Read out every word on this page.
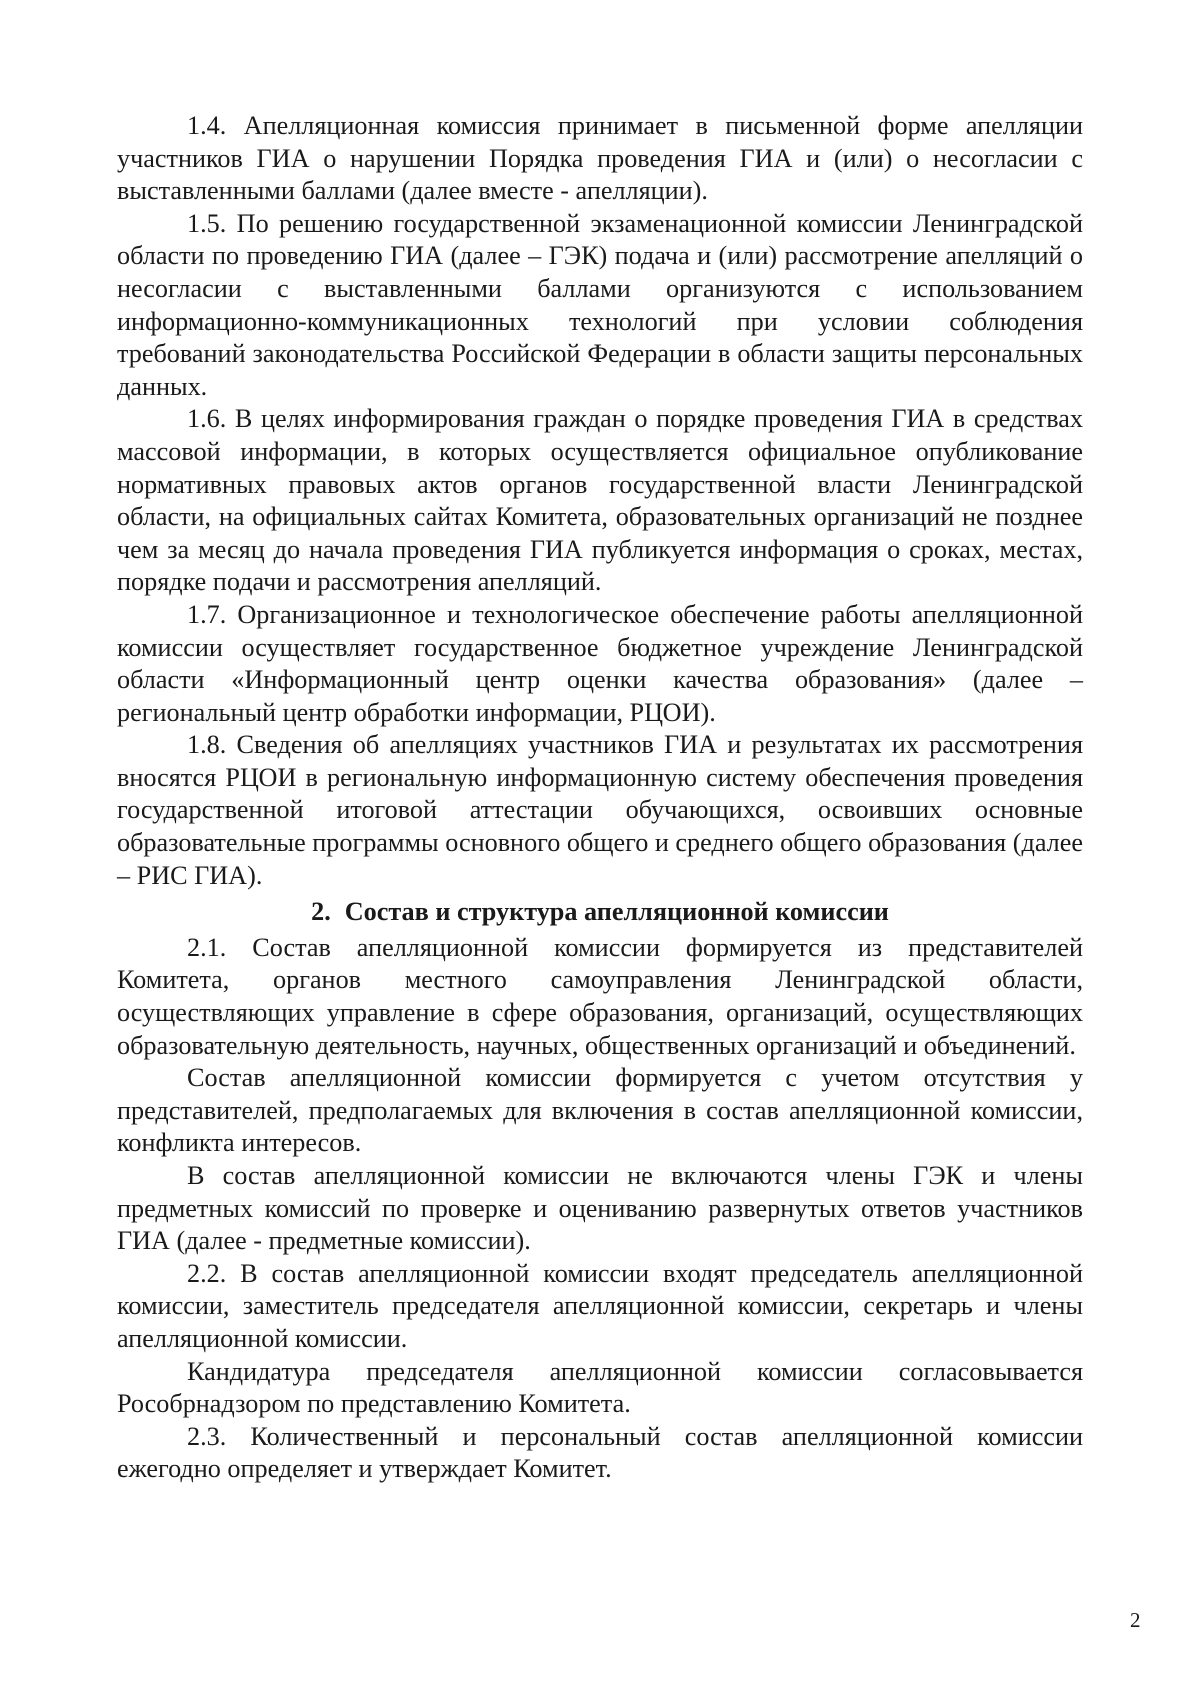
1.4. Апелляционная комиссия принимает в письменной форме апелляции участников ГИА о нарушении Порядка проведения ГИА и (или) о несогласии с выставленными баллами (далее вместе - апелляции).

1.5. По решению государственной экзаменационной комиссии Ленинградской области по проведению ГИА (далее – ГЭК) подача и (или) рассмотрение апелляций о несогласии с выставленными баллами организуются с использованием информационно-коммуникационных технологий при условии соблюдения требований законодательства Российской Федерации в области защиты персональных данных.

1.6. В целях информирования граждан о порядке проведения ГИА в средствах массовой информации, в которых осуществляется официальное опубликование нормативных правовых актов органов государственной власти Ленинградской области, на официальных сайтах Комитета, образовательных организаций не позднее чем за месяц до начала проведения ГИА публикуется информация о сроках, местах, порядке подачи и рассмотрения апелляций.

1.7. Организационное и технологическое обеспечение работы апелляционной комиссии осуществляет государственное бюджетное учреждение Ленинградской области «Информационный центр оценки качества образования» (далее – региональный центр обработки информации, РЦОИ).

1.8. Сведения об апелляциях участников ГИА и результатах их рассмотрения вносятся РЦОИ в региональную информационную систему обеспечения проведения государственной итоговой аттестации обучающихся, освоивших основные образовательные программы основного общего и среднего общего образования (далее – РИС ГИА).

2. Состав и структура апелляционной комиссии

2.1. Состав апелляционной комиссии формируется из представителей Комитета, органов местного самоуправления Ленинградской области, осуществляющих управление в сфере образования, организаций, осуществляющих образовательную деятельность, научных, общественных организаций и объединений.

Состав апелляционной комиссии формируется с учетом отсутствия у представителей, предполагаемых для включения в состав апелляционной комиссии, конфликта интересов.

В состав апелляционной комиссии не включаются члены ГЭК и члены предметных комиссий по проверке и оцениванию развернутых ответов участников ГИА (далее - предметные комиссии).

2.2. В состав апелляционной комиссии входят председатель апелляционной комиссии, заместитель председателя апелляционной комиссии, секретарь и члены апелляционной комиссии.

Кандидатура председателя апелляционной комиссии согласовывается Рособрнадзором по представлению Комитета.

2.3. Количественный и персональный состав апелляционной комиссии ежегодно определяет и утверждает Комитет.

2
